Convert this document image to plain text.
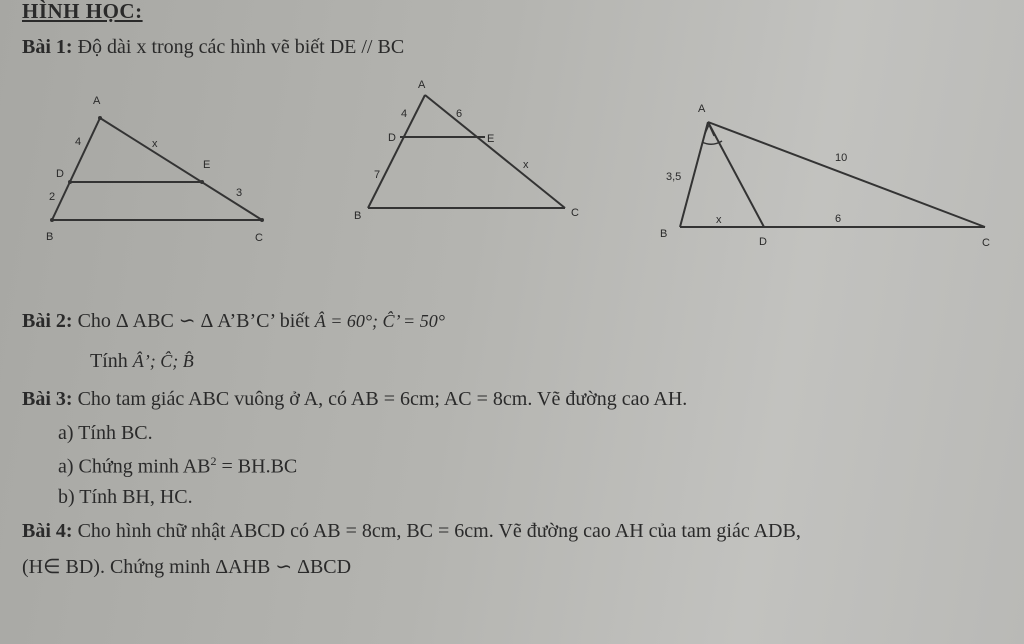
HÌNH HỌC:
Bài 1: Độ dài x trong các hình vẽ biết DE // BC
A
D
E
B	C
4
2
x
3
A
D	E
B	C
4	6
7
x
A
B
D	C
3,5
10
x	6
Bài 2: Cho Δ ABC ∽ Δ A’B’C’ biết Â = 60°; Ĉ’ = 50°
Tính Â’; Ĉ; B̂
Bài 3: Cho tam giác ABC vuông ở A, có AB = 6cm; AC = 8cm. Vẽ đường cao AH.
a) Tính BC.
a) Chứng minh $AB^2 = BH.BC$
b) Tính BH, HC.
Bài 4: Cho hình chữ nhật ABCD có AB = 8cm, BC = 6cm. Vẽ đường cao AH của tam giác ADB,
(H∈ BD). Chứng minh ΔAHB ∽ ΔBCD
